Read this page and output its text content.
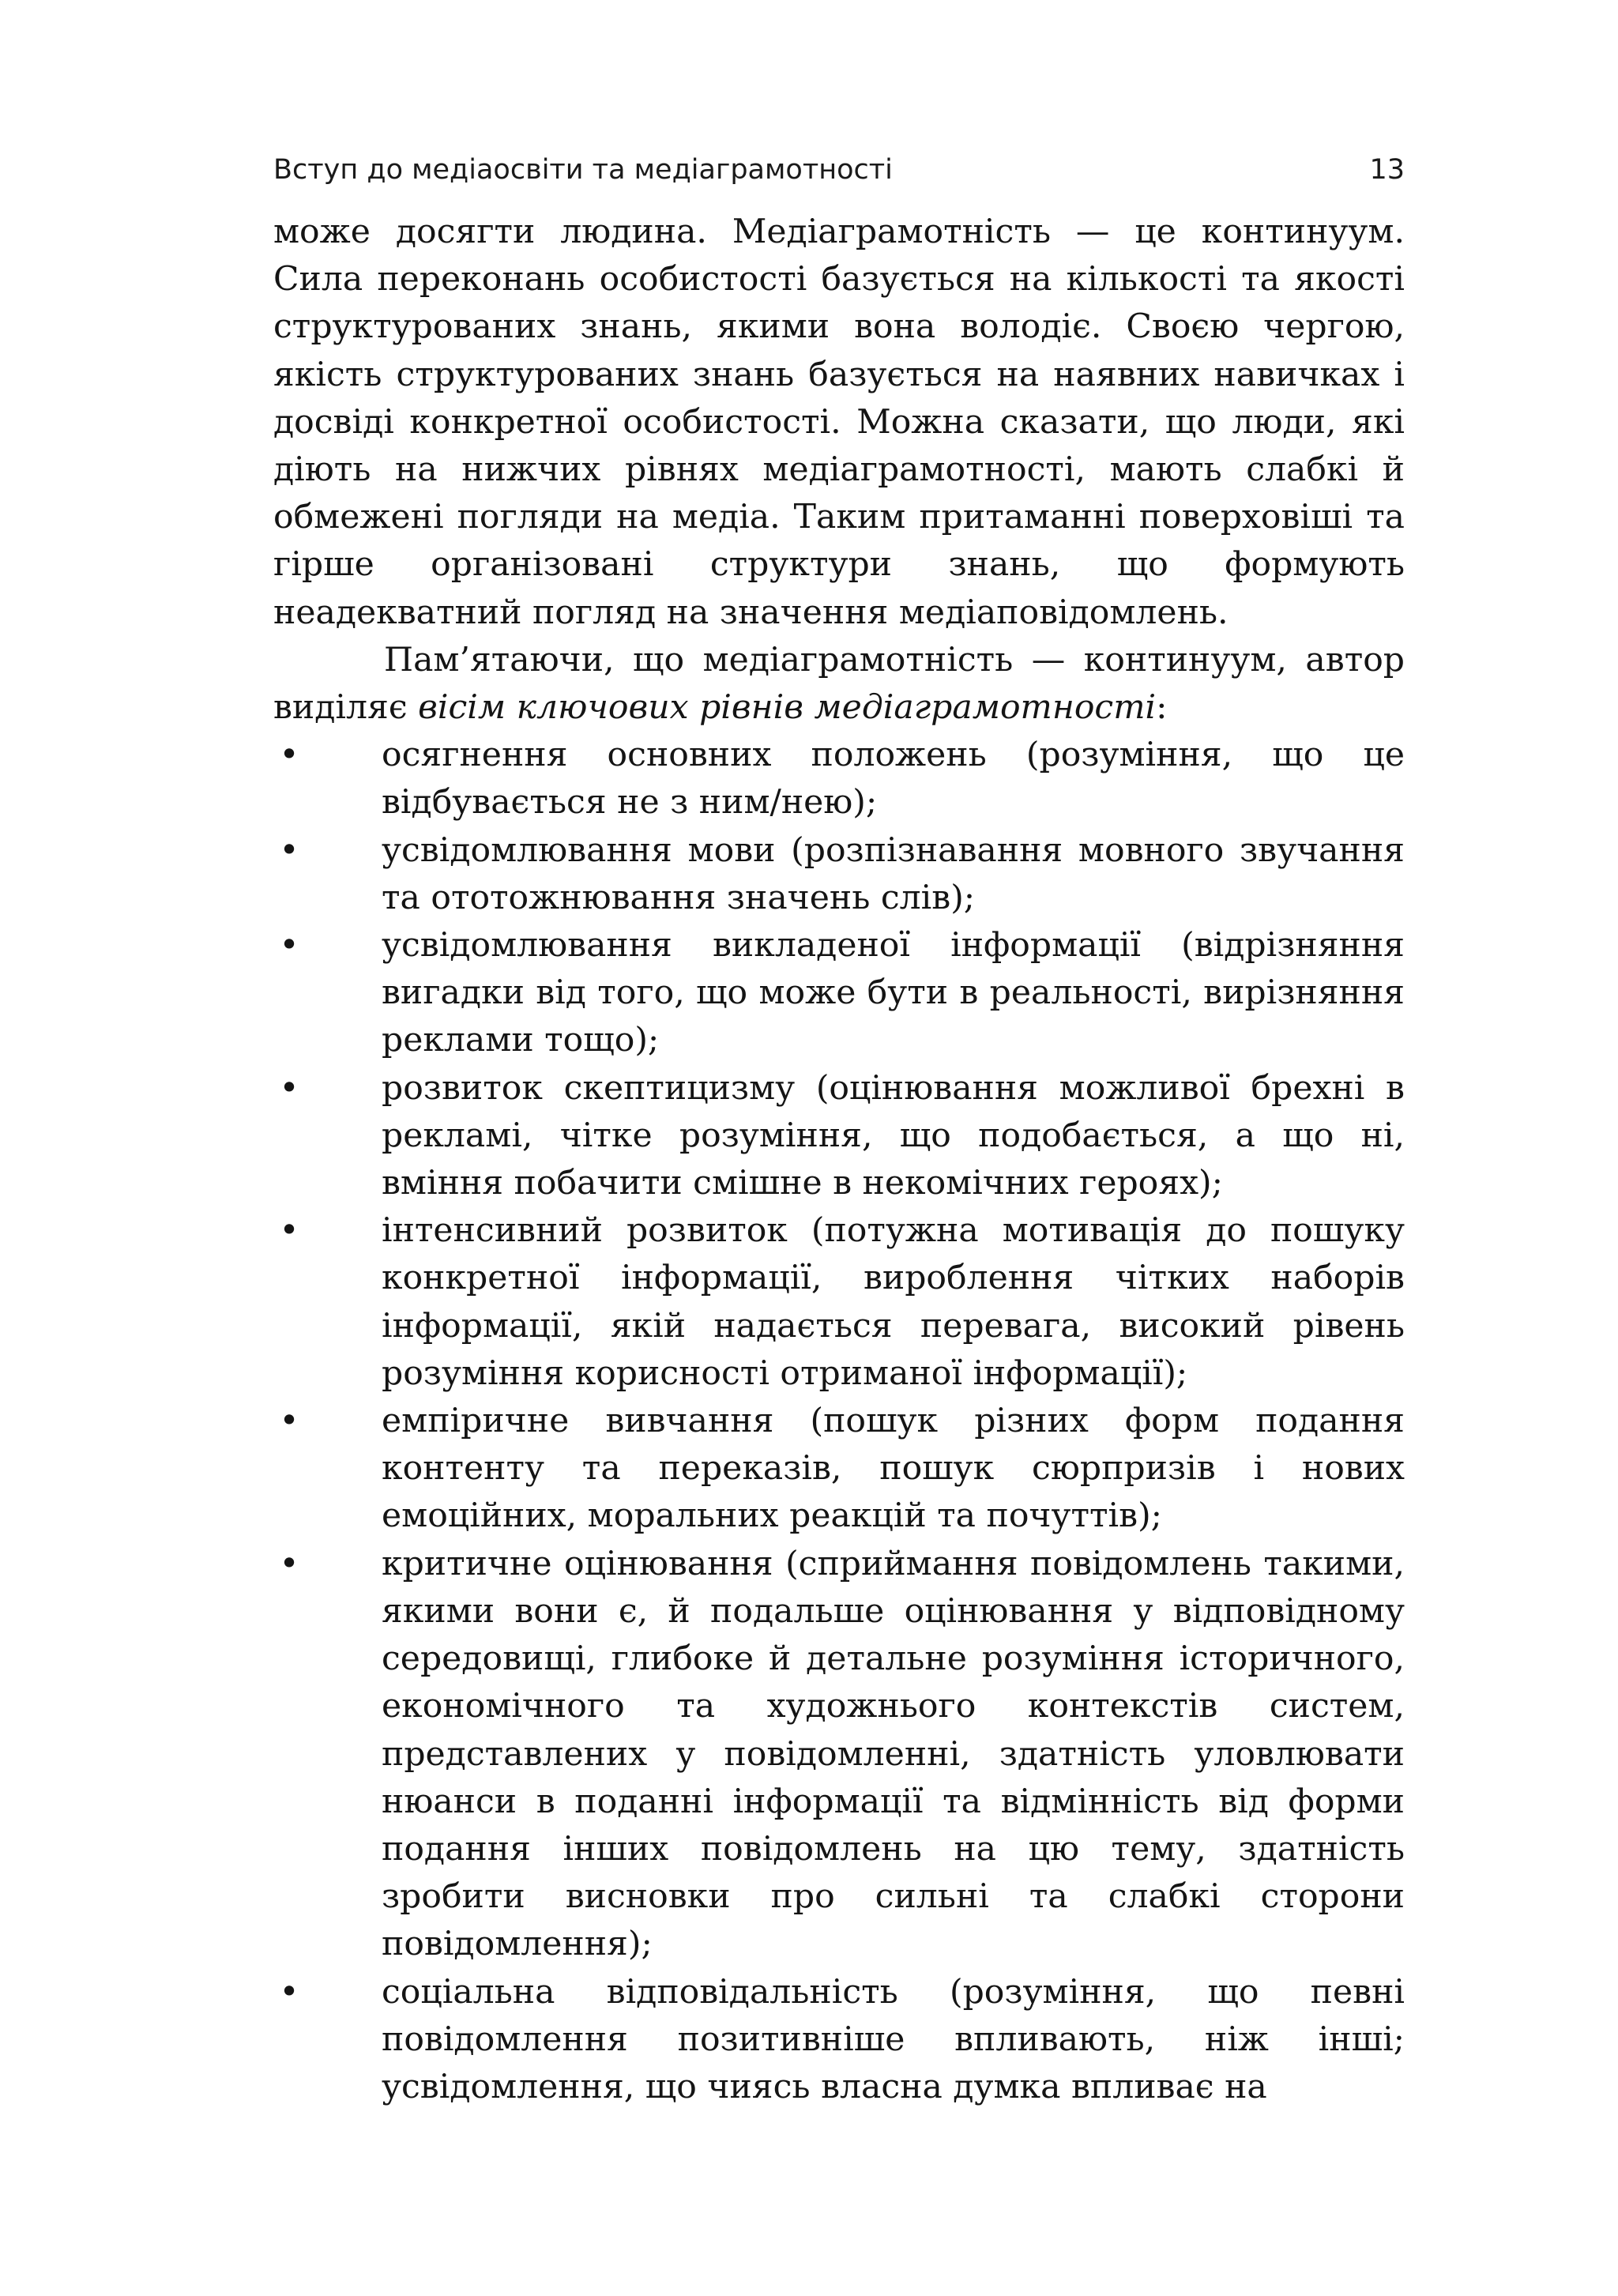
Вступ до медіаосвіти та медіаграмотності	13

може досягти людина. Медіаграмотність — це континуум. Сила переконань особистості базується на кількості та якості структурованих знань, якими вона володіє. Своєю чергою, якість структурованих знань базується на наявних навичках і досвіді конкретної особистості. Можна сказати, що люди, які діють на нижчих рівнях медіаграмотності, мають слабкі й обмежені погляди на медіа. Таким притаманні поверховіші та гірше організовані структури знань, що формують неадекватний погляд на значення медіаповідомлень.

Пам’ятаючи, що медіаграмотність — континуум, автор виділяє вісім ключових рівнів медіаграмотності:

• осягнення основних положень (розуміння, що це відбувається не з ним/нею);
• усвідомлювання мови (розпізнавання мовного звучання та ототожнювання значень слів);
• усвідомлювання викладеної інформації (відрізняння вигадки від того, що може бути в реальності, вирізняння реклами тощо);
• розвиток скептицизму (оцінювання можливої брехні в рекламі, чітке розуміння, що подобається, а що ні, вміння побачити смішне в некомічних героях);
• інтенсивний розвиток (потужна мотивація до пошуку конкретної інформації, вироблення чітких наборів інформації, якій надається перевага, високий рівень розуміння корисності отриманої інформації);
• емпіричне вивчання (пошук різних форм подання контенту та переказів, пошук сюрпризів і нових емоційних, моральних реакцій та почуттів);
• критичне оцінювання (сприймання повідомлень такими, якими вони є, й подальше оцінювання у відповідному середовищі, глибоке й детальне розуміння історичного, економічного та художнього контекстів систем, представлених у повідомленні, здатність уловлювати нюанси в поданні інформації та відмінність від форми подання інших повідомлень на цю тему, здатність зробити висновки про сильні та слабкі сторони повідомлення);
• соціальна відповідальність (розуміння, що певні повідомлення позитивніше впливають, ніж інші; усвідомлення, що чиясь власна думка впливає на
